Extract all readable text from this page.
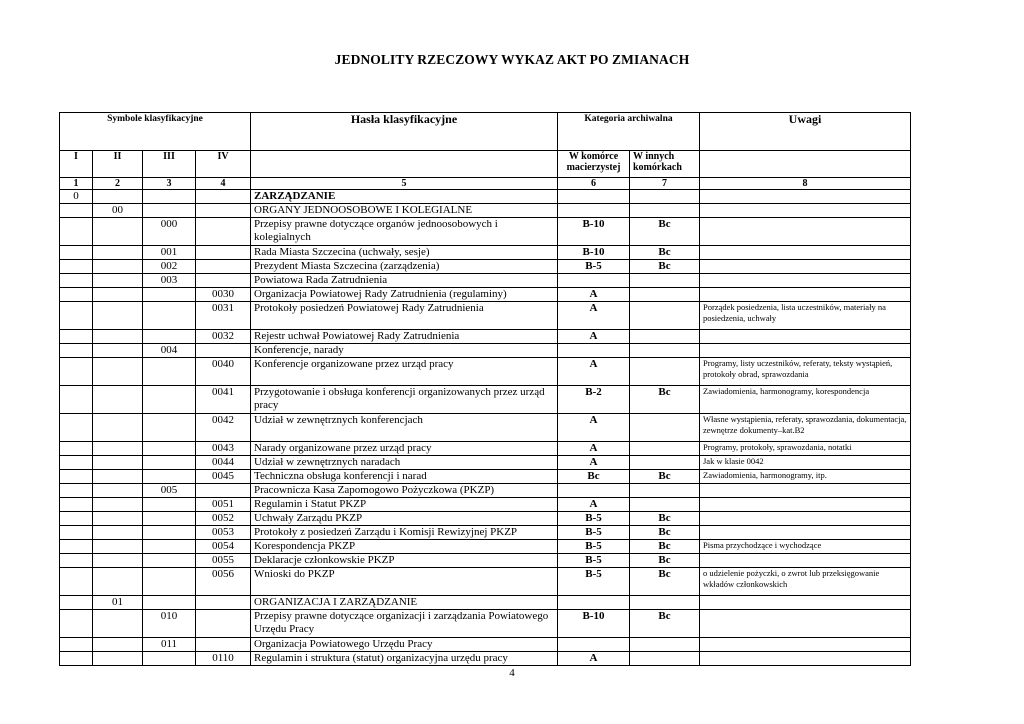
JEDNOLITY RZECZOWY WYKAZ AKT PO ZMIANACH
Symbole klasyfikacyjne				Hasła klasyfikacyjne	Kategoria archiwalna		Uwagi
I	II	III	IV		W komórce macierzystej	W innych komórkach	
1	2	3	4	5	6	7	8
0				ZARZĄDZANIE			
	00			ORGANY JEDNOOSOBOWE I KOLEGIALNE			
		000		Przepisy prawne dotyczące organów jednoosobowych i kolegialnych	B-10	Bc	
		001		Rada Miasta Szczecina (uchwały, sesje)	B-10	Bc	
		002		Prezydent Miasta Szczecina (zarządzenia)	B-5	Bc	
		003		Powiatowa Rada Zatrudnienia			
			0030	Organizacja Powiatowej Rady Zatrudnienia (regulaminy)	A		
			0031	Protokoły posiedzeń Powiatowej Rady Zatrudnienia	A		Porządek posiedzenia, lista uczestników, materiały na posiedzenia, uchwały
			0032	Rejestr uchwał Powiatowej Rady Zatrudnienia	A		
		004		Konferencje, narady			
			0040	Konferencje organizowane przez urząd pracy	A		Programy, listy uczestników, referaty, teksty wystąpień, protokoły obrad, sprawozdania
			0041	Przygotowanie i obsługa konferencji organizowanych przez urząd pracy	B-2	Bc	Zawiadomienia, harmonogramy, korespondencja
			0042	Udział w zewnętrznych konferencjach	A		Własne wystąpienia, referaty, sprawozdania, dokumentacja, zewnętrze dokumenty–kat.B2
			0043	Narady organizowane przez urząd pracy	A		Programy, protokoły, sprawozdania, notatki
			0044	Udział w zewnętrznych naradach	A		Jak w klasie 0042
			0045	Techniczna obsługa konferencji i narad	Bc	Bc	Zawiadomienia, harmonogramy, itp.
		005		Pracownicza Kasa Zapomogowo Pożyczkowa (PKZP)			
			0051	Regulamin i Statut PKZP	A		
			0052	Uchwały Zarządu PKZP	B-5	Bc	
			0053	Protokoły z posiedzeń Zarządu i Komisji Rewizyjnej PKZP	B-5	Bc	
			0054	Korespondencja PKZP	B-5	Bc	Pisma przychodzące i wychodzące
			0055	Deklaracje członkowskie PKZP	B-5	Bc	
			0056	Wnioski do PKZP	B-5	Bc	o udzielenie pożyczki, o zwrot lub przeksięgowanie wkładów członkowskich
	01			ORGANIZACJA I ZARZĄDZANIE			
		010		Przepisy prawne dotyczące organizacji i zarządzania Powiatowego Urzędu Pracy	B-10	Bc	
		011		Organizacja Powiatowego Urzędu Pracy			
			0110	Regulamin i struktura (statut) organizacyjna urzędu pracy	A		
4
